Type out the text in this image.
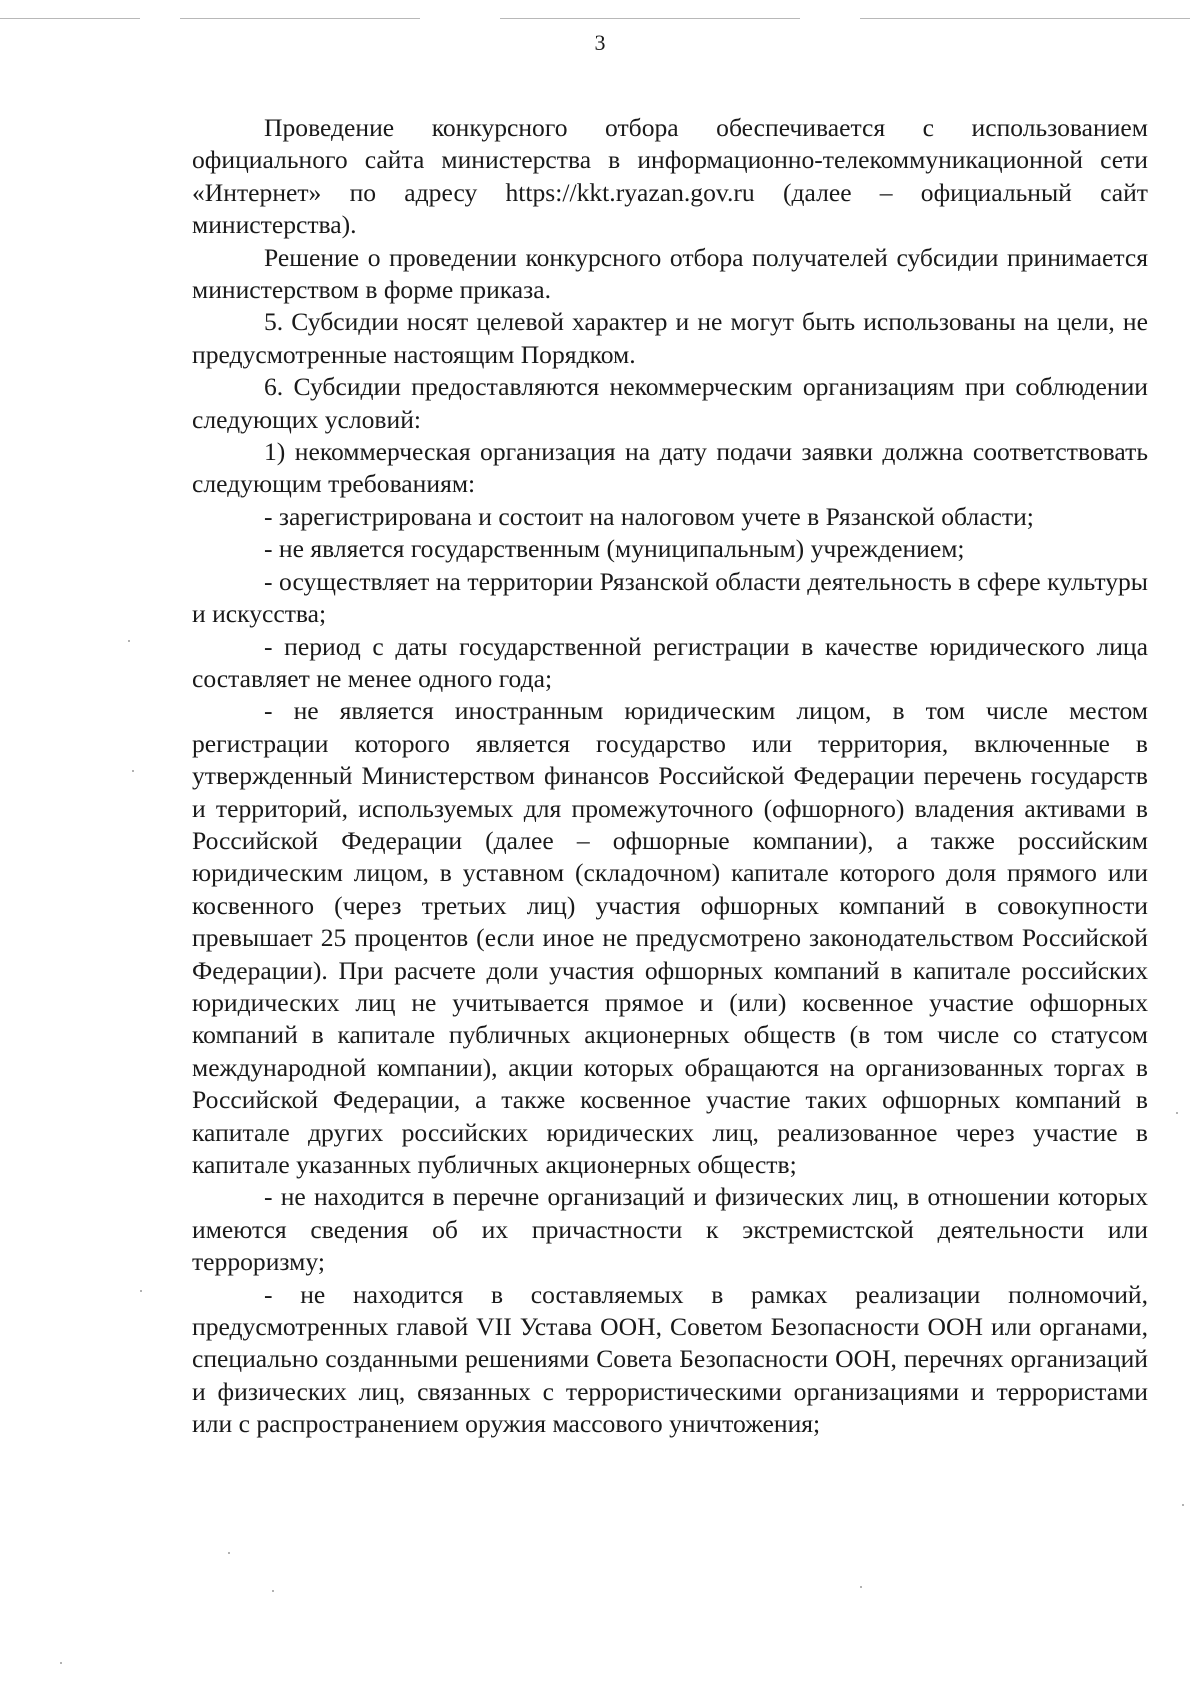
3

Проведение конкурсного отбора обеспечивается с использованием официального сайта министерства в информационно-телекоммуникационной сети «Интернет» по адресу https://kkt.ryazan.gov.ru (далее – официальный сайт министерства).

Решение о проведении конкурсного отбора получателей субсидии принимается министерством в форме приказа.

5. Субсидии носят целевой характер и не могут быть использованы на цели, не предусмотренные настоящим Порядком.

6. Субсидии предоставляются некоммерческим организациям при соблюдении следующих условий:

1) некоммерческая организация на дату подачи заявки должна соответствовать следующим требованиям:

- зарегистрирована и состоит на налоговом учете в Рязанской области;

- не является государственным (муниципальным) учреждением;

- осуществляет на территории Рязанской области деятельность в сфере культуры и искусства;

- период с даты государственной регистрации в качестве юридического лица составляет не менее одного года;

- не является иностранным юридическим лицом, в том числе местом регистрации которого является государство или территория, включенные в утвержденный Министерством финансов Российской Федерации перечень государств и территорий, используемых для промежуточного (офшорного) владения активами в Российской Федерации (далее – офшорные компании), а также российским юридическим лицом, в уставном (складочном) капитале которого доля прямого или косвенного (через третьих лиц) участия офшорных компаний в совокупности превышает 25 процентов (если иное не предусмотрено законодательством Российской Федерации). При расчете доли участия офшорных компаний в капитале российских юридических лиц не учитывается прямое и (или) косвенное участие офшорных компаний в капитале публичных акционерных обществ (в том числе со статусом международной компании), акции которых обращаются на организованных торгах в Российской Федерации, а также косвенное участие таких офшорных компаний в капитале других российских юридических лиц, реализованное через участие в капитале указанных публичных акционерных обществ;

- не находится в перечне организаций и физических лиц, в отношении которых имеются сведения об их причастности к экстремистской деятельности или терроризму;

- не находится в составляемых в рамках реализации полномочий, предусмотренных главой VII Устава ООН, Советом Безопасности ООН или органами, специально созданными решениями Совета Безопасности ООН, перечнях организаций и физических лиц, связанных с террористическими организациями и террористами или с распространением оружия массового уничтожения;
